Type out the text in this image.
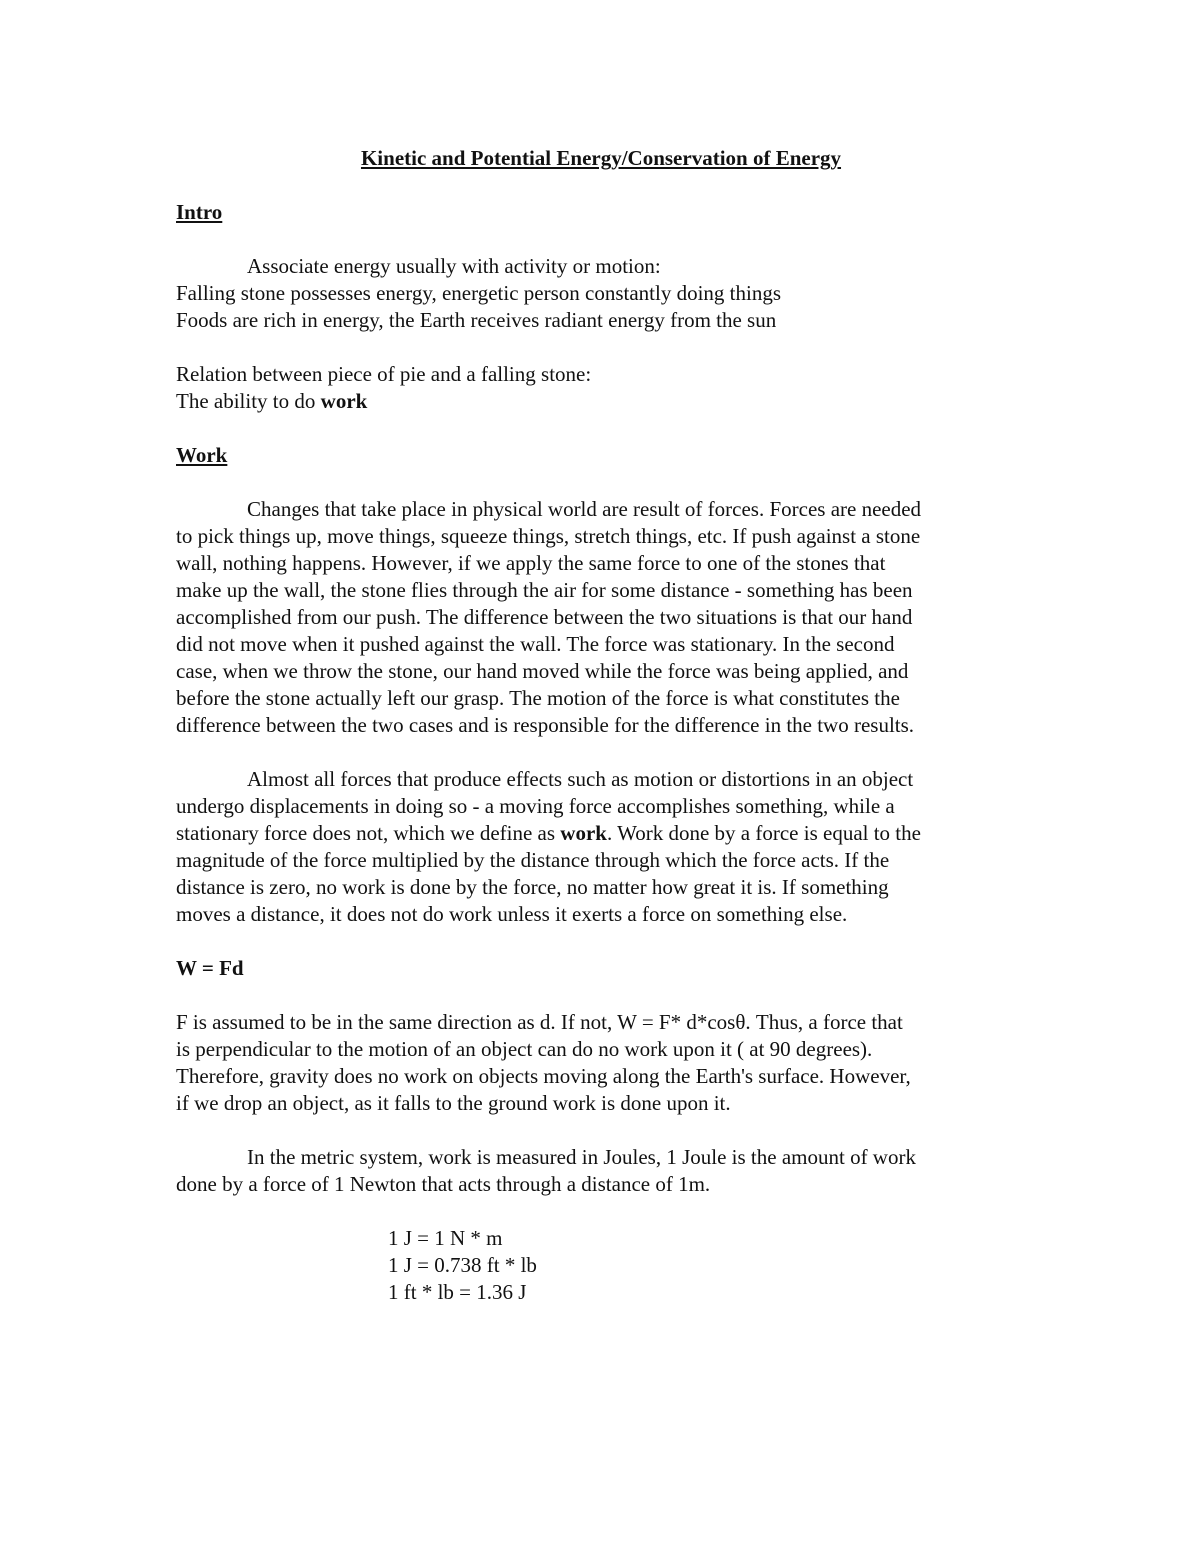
Kinetic and Potential Energy/Conservation of Energy
Intro
Associate energy usually with activity or motion:
Falling stone possesses energy, energetic person constantly doing things
Foods are rich in energy, the Earth receives radiant energy from the sun
Relation between piece of pie and a falling stone:
The ability to do work
Work
Changes that take place in physical world are result of forces. Forces are needed
to pick things up, move things, squeeze things, stretch things, etc. If push against a stone
wall, nothing happens. However, if we apply the same force to one of the stones that
make up the wall, the stone flies through the air for some distance - something has been
accomplished from our push. The difference between the two situations is that our hand
did not move when it pushed against the wall. The force was stationary. In the second
case, when we throw the stone, our hand moved while the force was being applied, and
before the stone actually left our grasp. The motion of the force is what constitutes the
difference between the two cases and is responsible for the difference in the two results.
Almost all forces that produce effects such as motion or distortions in an object
undergo displacements in doing so - a moving force accomplishes something, while a
stationary force does not, which we define as work. Work done by a force is equal to the
magnitude of the force multiplied by the distance through which the force acts. If the
distance is zero, no work is done by the force, no matter how great it is. If something
moves a distance, it does not do work unless it exerts a force on something else.
W = Fd
F is assumed to be in the same direction as d. If not, W = F* d*cosθ. Thus, a force that
is perpendicular to the motion of an object can do no work upon it ( at 90 degrees).
Therefore, gravity does no work on objects moving along the Earth's surface. However,
if we drop an object, as it falls to the ground work is done upon it.
In the metric system, work is measured in Joules, 1 Joule is the amount of work
done by a force of 1 Newton that acts through a distance of 1m.
1 J = 1 N * m
1 J = 0.738 ft * lb
1 ft * lb = 1.36 J
